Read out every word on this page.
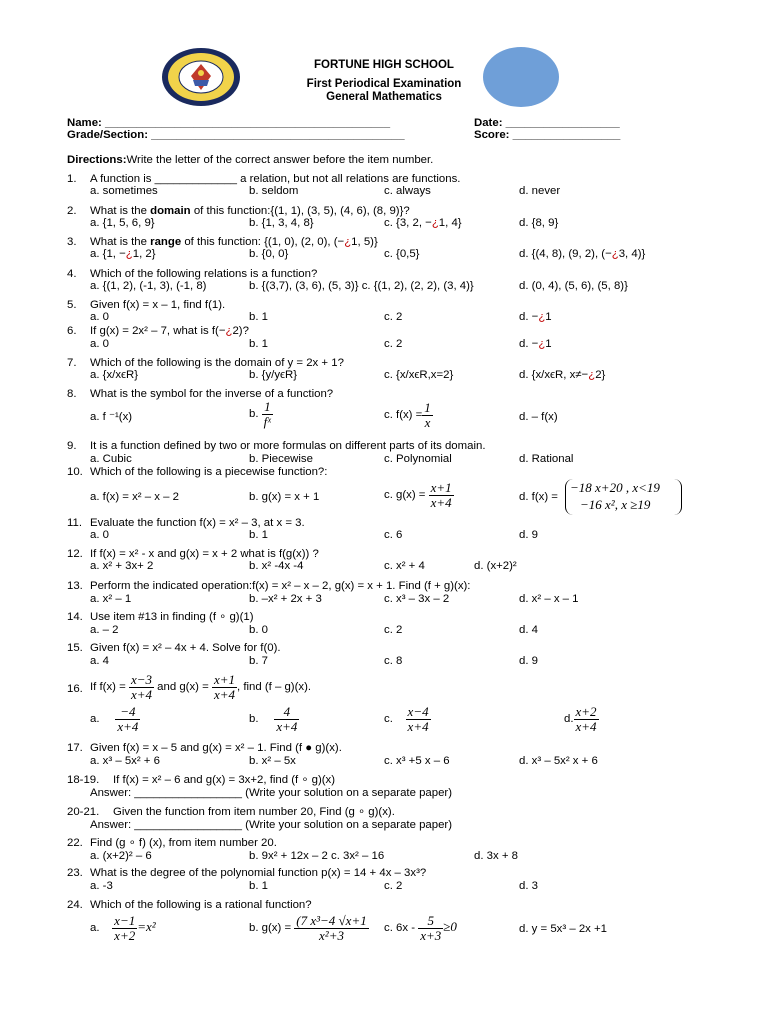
FORTUNE HIGH SCHOOL
First Periodical Examination
General Mathematics
Name: _____________________________________________	Date: __________________
Grade/Section: ________________________________________	Score: _________________
Directions:Write the letter of the correct answer before the item number.
1. A function is _____________ a relation, but not all relations are functions.
a. sometimes	b. seldom	c. always	d. never
2. What is the domain of this function:{(1, 1), (3, 5), (4, 6), (8, 9)}?
a. {1, 5, 6, 9}	b. {1, 3, 4, 8}	c. {3, 2, −¿1, 4}	d. {8, 9}
3. What is the range of this function: {(1, 0), (2, 0), (−¿1, 5)}
a. {1, −¿1, 2}	b. {0, 0}	c. {0,5}	d. {(4, 8), (9, 2), (−¿3, 4)}
4. Which of the following relations is a function?
a. {(1, 2), (-1, 3), (-1, 8)	b. {(3,7), (3, 6), (5, 3)} c. {(1, 2), (2, 2), (3, 4)}	d. (0, 4), (5, 6), (5, 8)}
5. Given f(x) = x – 1, find f(1).
a. 0	b. 1	c. 2	d. −¿1
6. If g(x) = 2x² – 7, what is f(−¿2)?
a. 0	b. 1	c. 2	d. −¿1
7. Which of the following is the domain of y = 2x + 1?
a. {x/xϵR}	b. {y/yϵR}	c. {x/xϵR,x=2}	d. {x/xϵR, x≠−¿2}
8. What is the symbol for the inverse of a function?
a. f ⁻¹(x)	b. $\frac{1}{\text{fˣ}}$	c. $f(x) = \frac{1}{x}$	d. – f(x)
9. It is a function defined by two or more formulas on different parts of its domain.
a. Cubic	b. Piecewise	c. Polynomial	d. Rational
10. Which of the following is a piecewise function?:
a. f(x) = x² – x – 2	b. g(x) = x + 1	c. $g(x) = \frac{x+1}{x+4}$	d. f(x) =
−18 x+20 , x<19
−16 x², x ≥19
11. Evaluate the function f(x) = x² – 3, at x = 3.
a. 0	b. 1	c. 6	d. 9
12. If f(x) = x² - x and g(x) = x + 2 what is f(g(x)) ?
a. x² + 3x+ 2	b. x² -4x -4	c. x² + 4	d. (x+2)²
13. Perform the indicated operation:f(x) = x² – x – 2, g(x) = x + 1. Find (f + g)(x):
a. x² – 1	b. –x² + 2x + 3	c. x³ – 3x – 2	d. x² – x – 1
14. Use item #13 in finding (f ∘ g)(1)
a. – 2	b. 0	c. 2	d. 4
15. Given f(x) = x² – 4x + 4. Solve for f(0).
a. 4	b. 7	c. 8	d. 9
16. If $f(x) = \frac{x-3}{x+4}$ and $g(x) = \frac{x+1}{x+4}$ , find (f – g)(x).
a. $\frac{-4}{x+4}$	b. $\frac{4}{x+4}$	c. $\frac{x-4}{x+4}$	d. $\frac{x+2}{x+4}$
17. Given f(x) = x – 5 and g(x) = x² – 1. Find (f ● g)(x).
a. x³ – 5x² + 6	b. x² – 5x	c. x³ +5 x – 6	d. x³ – 5x² x + 6
18-19. If f(x) = x² – 6 and g(x) = 3x+2, find (f ∘ g)(x)
Answer: _________________ (Write your solution on a separate paper)
20-21. Given the function from item number 20, Find (g ∘ g)(x).
Answer: _________________ (Write your solution on a separate paper)
22. Find (g ∘ f) (x), from item number 20.
a. (x+2)² – 6	b. 9x² + 12x – 2 c. 3x² – 16	d. 3x + 8
23. What is the degree of the polynomial function p(x) = 14 + 4x – 3x³?
a. -3	b. 1	c. 2	d. 3
24. Which of the following is a rational function?
a. $\frac{x-1}{x+2} =x^2$	b. $g(x) = \frac{\text{(7 x³−4 √x+1}}{\text{x²+3}} c$. $6x - \frac{5}{x+3} \ge 0$	d. y = 5x³ – 2x +1
